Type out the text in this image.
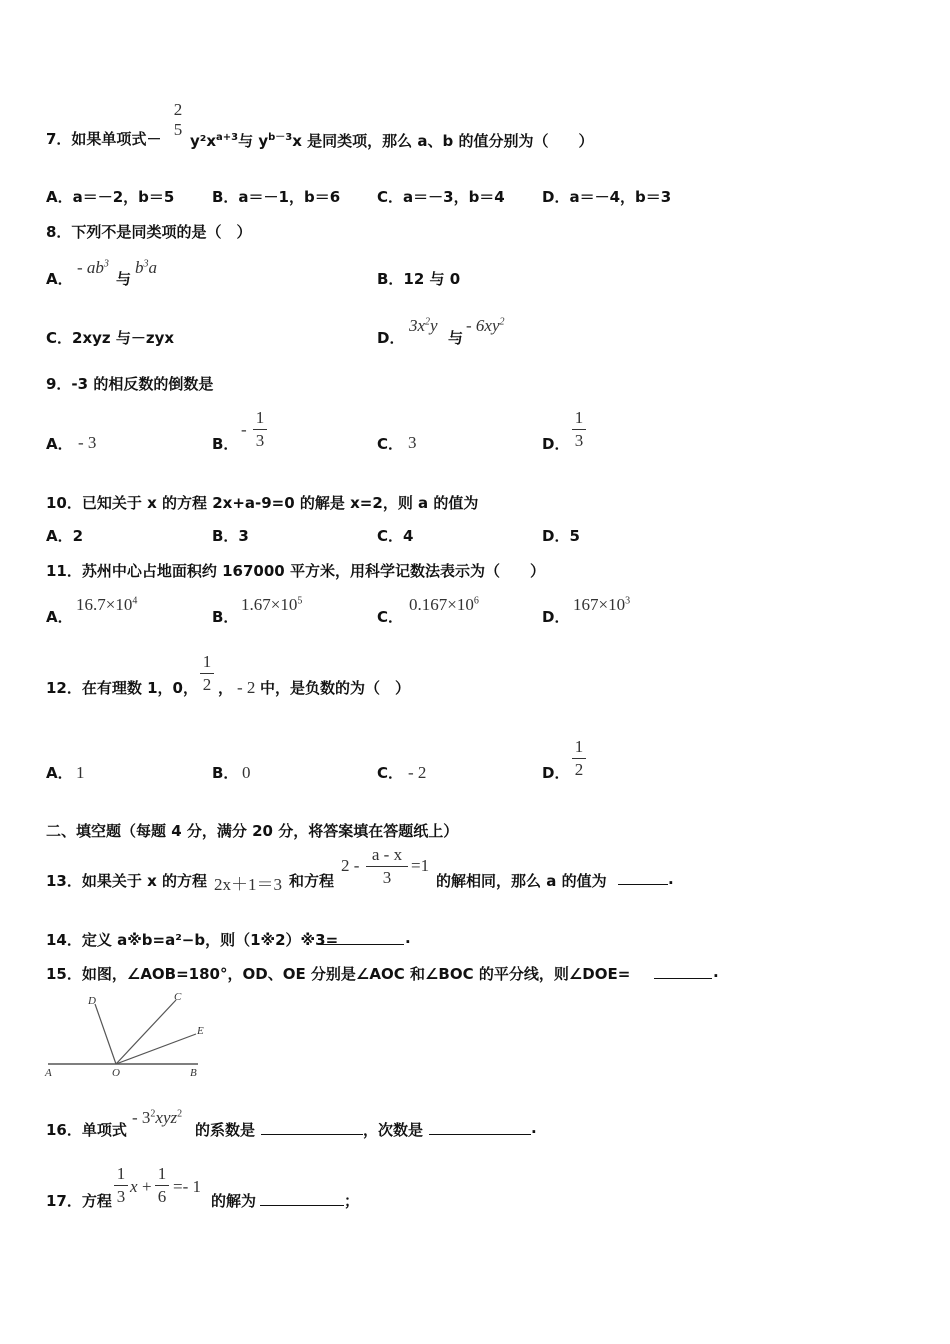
7．如果单项式－
2
5
$y^2x^{a+3}$与 $y^{b-3}x$ 是同类项，那么 a、b 的值分别为（　　）
A．a＝－2，b＝5	B．a＝－1，b＝6 C．a＝－3，b＝4 D．a＝－4，b＝3
8．下列不是同类项的是（　）
A．
- $ab^3$
与
$b^3a$
B．12 与 0
C．2xyz 与－zyx	D．
$3x^2y$
与
- $6xy^2$
9．-3 的相反数的倒数是
A． - 3	B．
-
1
3	C． 3	D．
1
3
10．已知关于 x 的方程 2x+a-9=0 的解是 x=2，则 a 的值为
A．2	B．3	C．4	D．5
11．苏州中心占地面积约 167000 平方米，用科学记数法表示为（　　）
A．
$16.7\times 10^4$
B．
$1.67\times 10^5$
C．
$0.167\times 10^6$
D．
$167\times 10^3$
12．在有理数 1，0，
1
2 ， - 2 中，是负数的为（　）
A． 1	B． 0	C． - 2	D．
1
2
二、填空题（每题 4 分，满分 20 分，将答案填在答题纸上）
13．如果关于 x 的方程 2x＋1＝3 和方程
2 -
a - x
3
=1
的解相同，那么 a 的值为	.
14．定义 a※b=a²−b，则（1※2）※3=	.
15．如图，∠AOB=180°，OD、OE 分别是∠AOC 和∠BOC 的平分线，则∠DOE=	.
D	C
E
A	O	B
16．单项式
- $3^2xyz^2$
的系数是	，次数是	.
17．方程
1
3
x +
1
6
=- 1
的解为	；
